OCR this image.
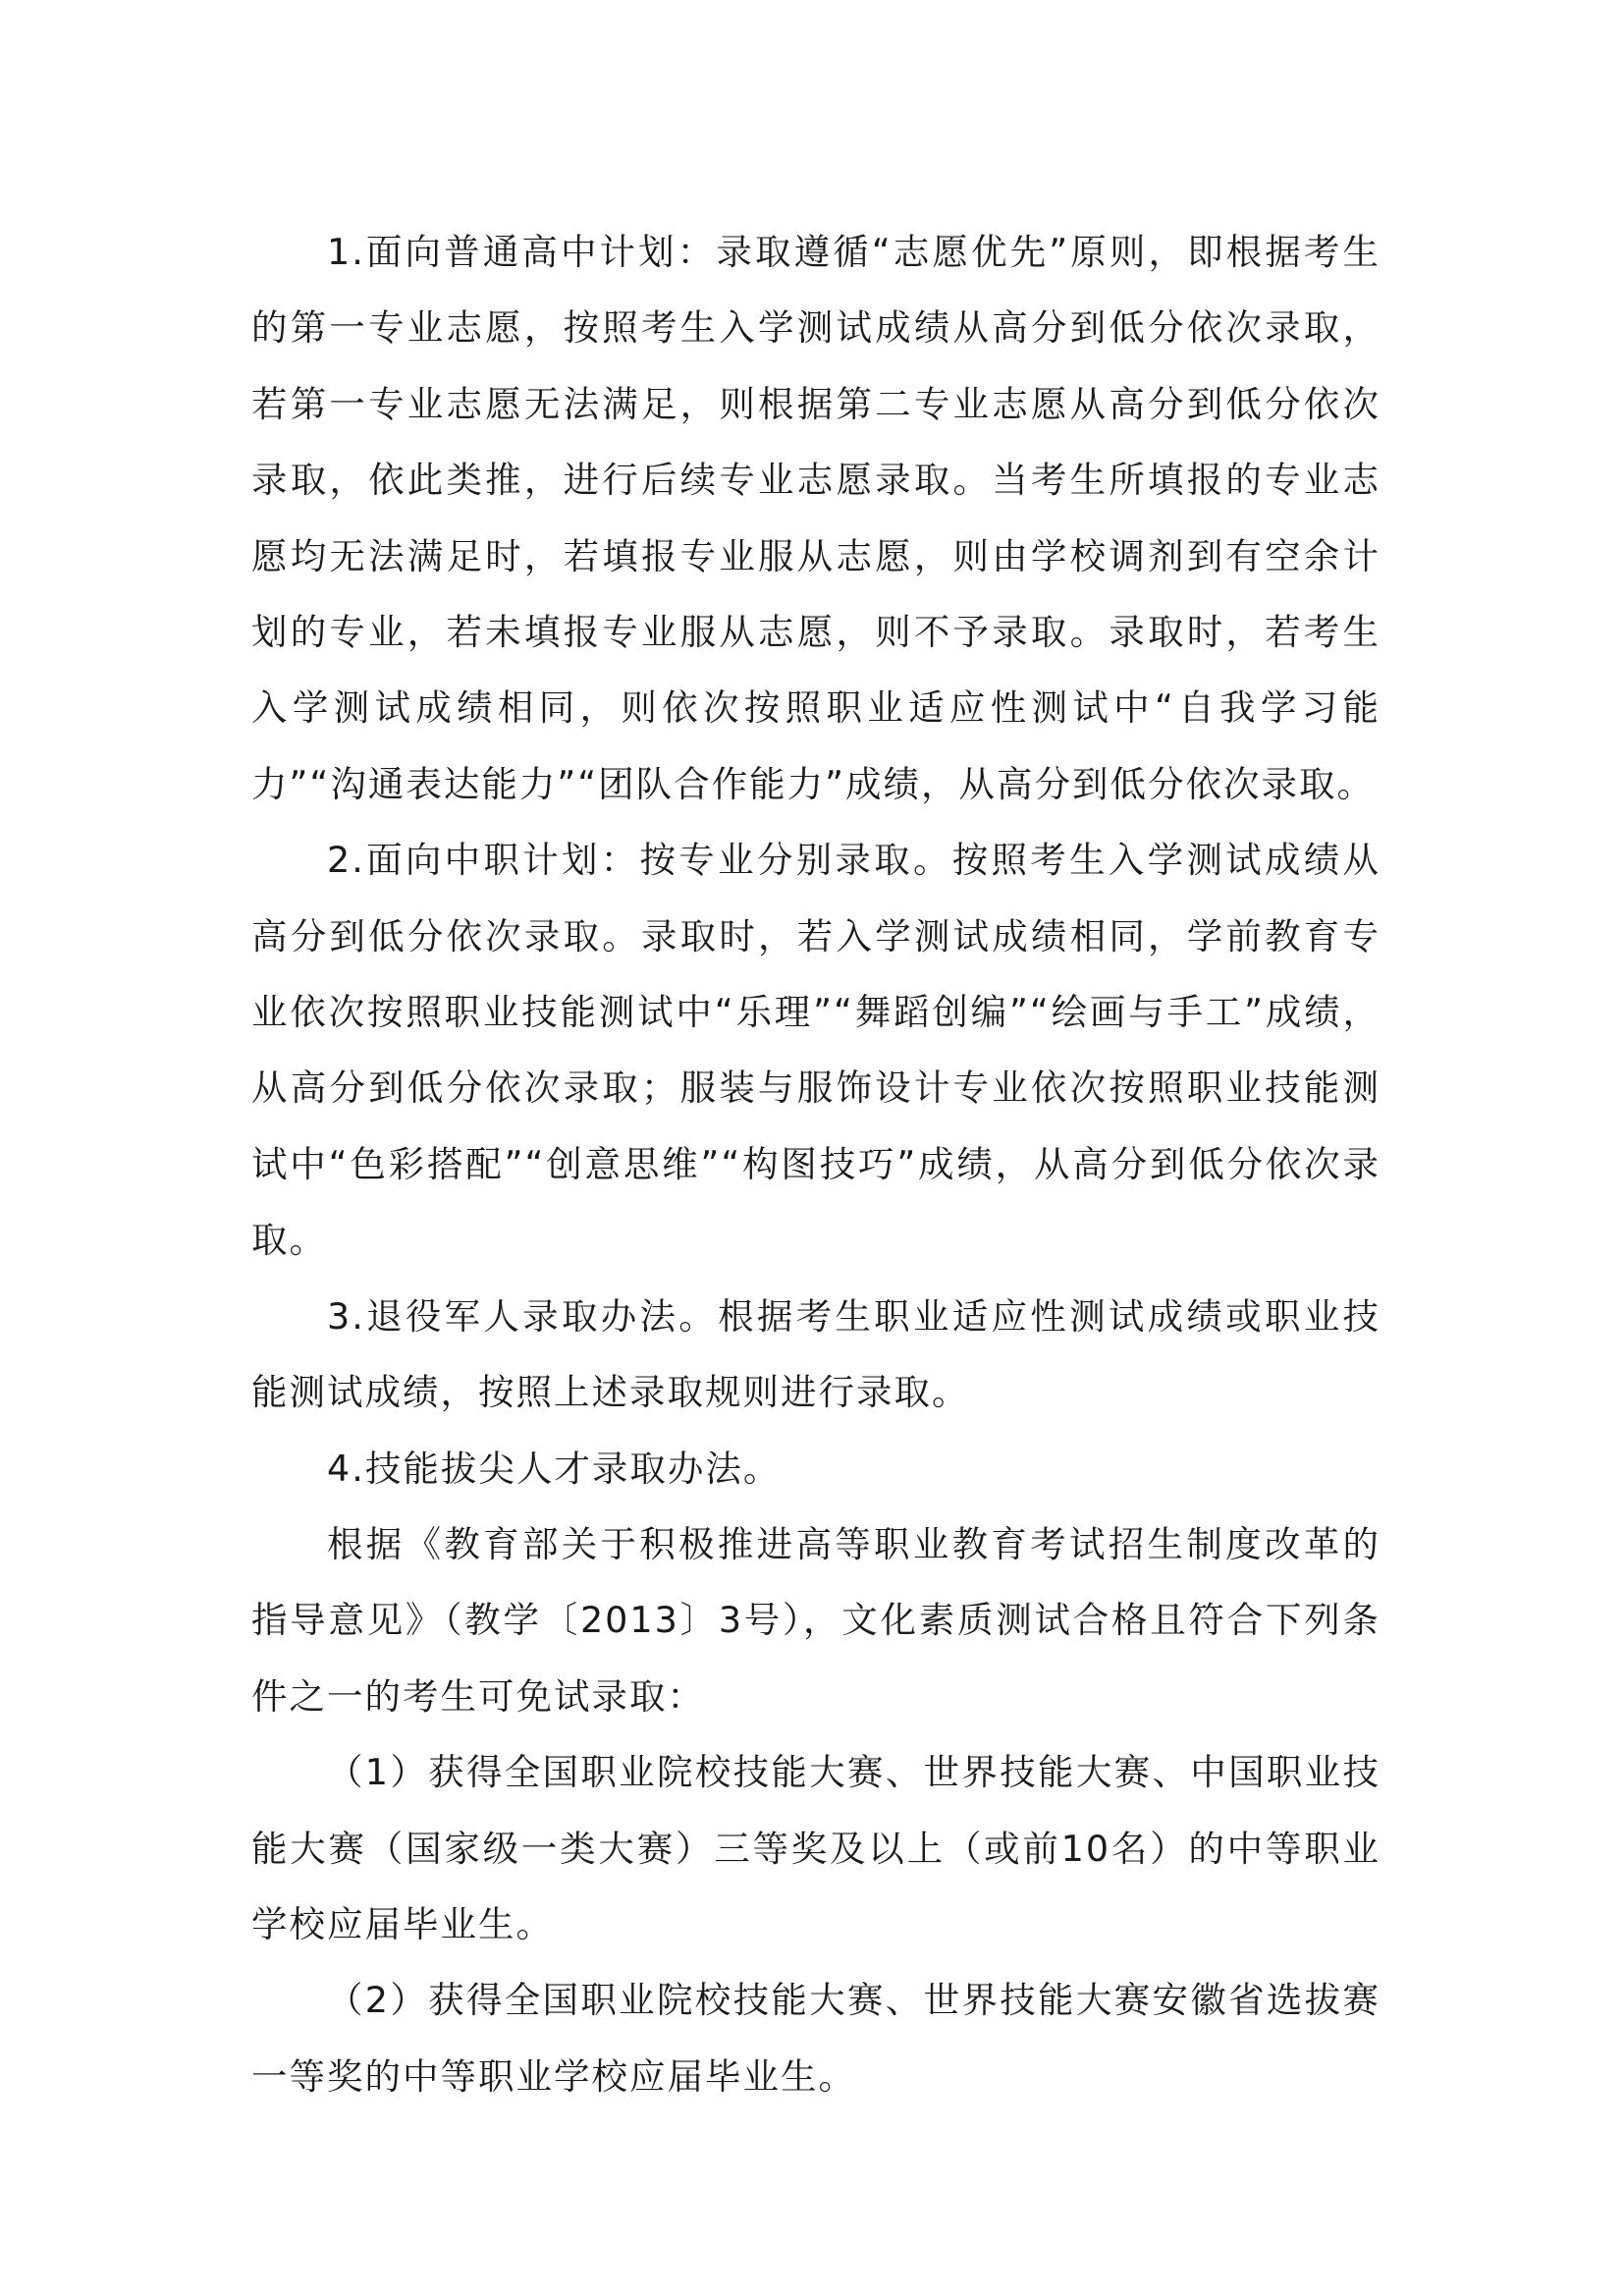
1.面向普通高中计划：录取遵循“志愿优先”原则，即根据考生的第一专业志愿，按照考生入学测试成绩从高分到低分依次录取，若第一专业志愿无法满足，则根据第二专业志愿从高分到低分依次录取，依此类推，进行后续专业志愿录取。当考生所填报的专业志愿均无法满足时，若填报专业服从志愿，则由学校调剂到有空余计划的专业，若未填报专业服从志愿，则不予录取。录取时，若考生入学测试成绩相同，则依次按照职业适应性测试中“自我学习能力”“沟通表达能力”“团队合作能力”成绩，从高分到低分依次录取。

2.面向中职计划：按专业分别录取。按照考生入学测试成绩从高分到低分依次录取。录取时，若入学测试成绩相同，学前教育专业依次按照职业技能测试中“乐理”“舞蹈创编”“绘画与手工”成绩，从高分到低分依次录取；服装与服饰设计专业依次按照职业技能测试中“色彩搭配”“创意思维”“构图技巧”成绩，从高分到低分依次录取。

3.退役军人录取办法。根据考生职业适应性测试成绩或职业技能测试成绩，按照上述录取规则进行录取。

4.技能拔尖人才录取办法。

根据《教育部关于积极推进高等职业教育考试招生制度改革的指导意见》（教学〔2013〕3号），文化素质测试合格且符合下列条件之一的考生可免试录取：

（1）获得全国职业院校技能大赛、世界技能大赛、中国职业技能大赛（国家级一类大赛）三等奖及以上（或前10名）的中等职业学校应届毕业生。

（2）获得全国职业院校技能大赛、世界技能大赛安徽省选拔赛一等奖的中等职业学校应届毕业生。
